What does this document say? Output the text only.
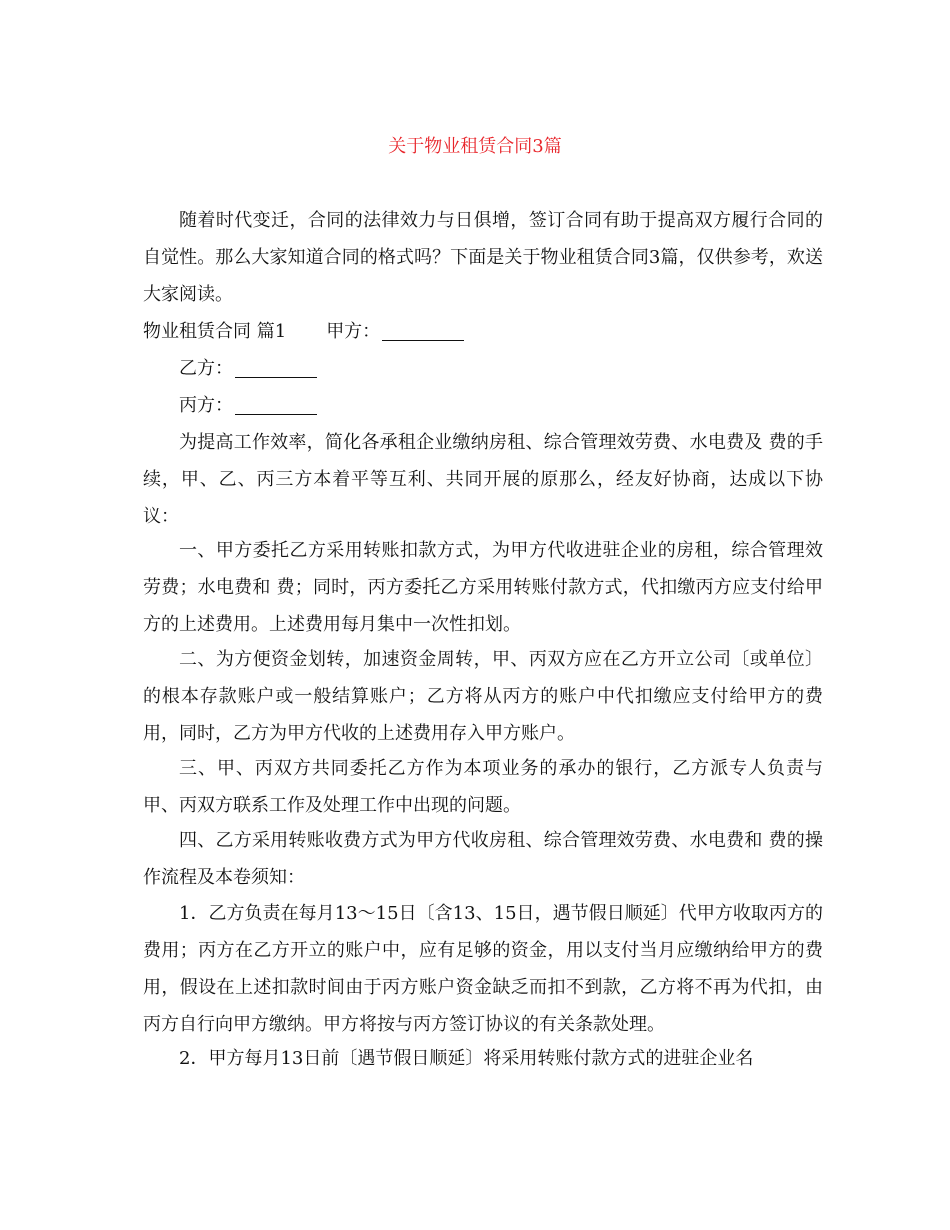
关于物业租赁合同3篇

随着时代变迁，合同的法律效力与日俱增，签订合同有助于提高双方履行合同的自觉性。那么大家知道合同的格式吗？下面是关于物业租赁合同3篇，仅供参考，欢送大家阅读。

物业租赁合同 篇1 甲方：
乙方：
丙方：

为提高工作效率，简化各承租企业缴纳房租、综合管理效劳费、水电费及 费的手续，甲、乙、丙三方本着平等互利、共同开展的原那么，经友好协商，达成以下协议：

一、甲方委托乙方采用转账扣款方式，为甲方代收进驻企业的房租，综合管理效劳费；水电费和 费；同时，丙方委托乙方采用转账付款方式，代扣缴丙方应支付给甲方的上述费用。上述费用每月集中一次性扣划。

二、为方便资金划转，加速资金周转，甲、丙双方应在乙方开立公司〔或单位〕的根本存款账户或一般结算账户；乙方将从丙方的账户中代扣缴应支付给甲方的费用，同时，乙方为甲方代收的上述费用存入甲方账户。

三、甲、丙双方共同委托乙方作为本项业务的承办的银行，乙方派专人负责与甲、丙双方联系工作及处理工作中出现的问题。

四、乙方采用转账收费方式为甲方代收房租、综合管理效劳费、水电费和 费的操作流程及本卷须知：

1．乙方负责在每月13～15日〔含13、15日，遇节假日顺延〕代甲方收取丙方的费用；丙方在乙方开立的账户中，应有足够的资金，用以支付当月应缴纳给甲方的费用，假设在上述扣款时间由于丙方账户资金缺乏而扣不到款，乙方将不再为代扣，由丙方自行向甲方缴纳。甲方将按与丙方签订协议的有关条款处理。

2．甲方每月13日前〔遇节假日顺延〕将采用转账付款方式的进驻企业名
